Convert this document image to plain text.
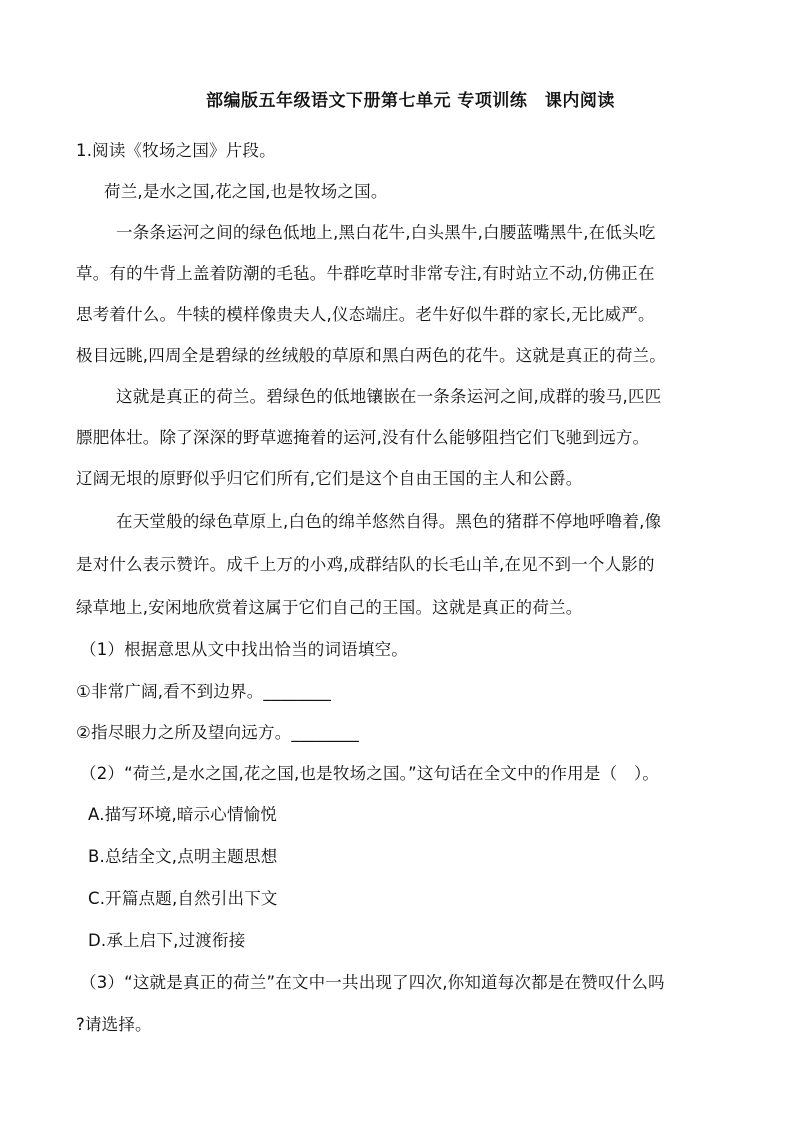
部编版五年级语文下册第七单元 专项训练　课内阅读
1.阅读《牧场之国》片段。
荷兰,是水之国,花之国,也是牧场之国。
一条条运河之间的绿色低地上,黑白花牛,白头黑牛,白腰蓝嘴黑牛,在低头吃
草。有的牛背上盖着防潮的毛毡。牛群吃草时非常专注,有时站立不动,仿佛正在
思考着什么。牛犊的模样像贵夫人,仪态端庄。老牛好似牛群的家长,无比威严。
极目远眺,四周全是碧绿的丝绒般的草原和黑白两色的花牛。这就是真正的荷兰。
这就是真正的荷兰。碧绿色的低地镶嵌在一条条运河之间,成群的骏马,匹匹
膘肥体壮。除了深深的野草遮掩着的运河,没有什么能够阻挡它们飞驰到远方。
辽阔无垠的原野似乎归它们所有,它们是这个自由王国的主人和公爵。
在天堂般的绿色草原上,白色的绵羊悠然自得。黑色的猪群不停地呼噜着,像
是对什么表示赞许。成千上万的小鸡,成群结队的长毛山羊,在见不到一个人影的
绿草地上,安闲地欣赏着这属于它们自己的王国。这就是真正的荷兰。
（1）根据意思从文中找出恰当的词语填空。
①非常广阔,看不到边界。________
②指尽眼力之所及望向远方。________
（2）“荷兰,是水之国,花之国,也是牧场之国。”这句话在全文中的作用是（　）。
A.描写环境,暗示心情愉悦
B.总结全文,点明主题思想
C.开篇点题,自然引出下文
D.承上启下,过渡衔接
（3）“这就是真正的荷兰”在文中一共出现了四次,你知道每次都是在赞叹什么吗
?请选择。
